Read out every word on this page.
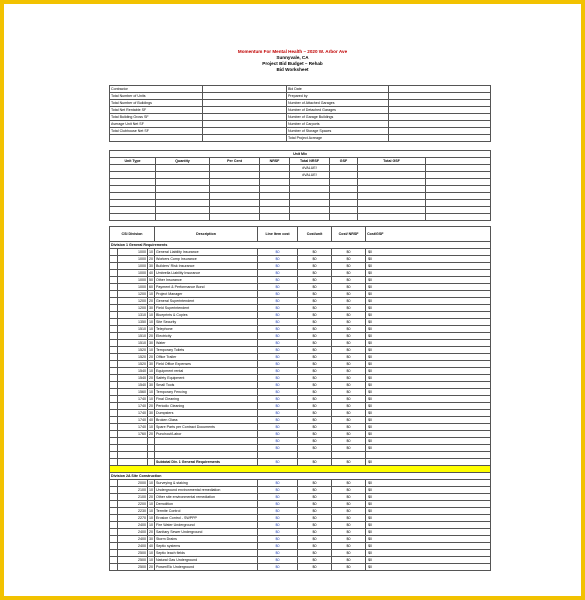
Momentum For Mental Health – 2020 W. Arbor Ave
Sunnyvale, CA
Project Bid Budget – Rehab
Bid Worksheet
Contractor		Bid Date	
Total Number of Units		Prepared by	
Total Number of Buildings		Number of Attached Garages	
Total Net Rentable SF		Number of Detached Garages	
Total Building Gross SF		Number of Garage Buildings	
Average Unit Net SF		Number of Carports	
Total Clubhouse Net SF		Number of Storage Spaces	
		Total Project Acreage	
Unit Mix							
Unit Type	Quantity	Per Cent	NRSF	Total NRSF	GSF	Total GSF	
				#VALUE!			
				#VALUE!			

CSI Division			Description	Line Item cost	Cost/unit	Cost/ NRSF	Cost/GSF
Division 1 General Requirements							
	1000	10	General Liability Insurance	$0	$0	$0	$0
	1000	20	Workers Comp Insurance	$0	$0	$0	$0
	1000	30	Builders' Risk Insurance	$0	$0	$0	$0
	1000	40	Umbrella Liability Insurance	$0	$0	$0	$0
	1000	50	Other Insurance	$0	$0	$0	$0
	1000	60	Payment & Performance Bond	$0	$0	$0	$0
	1200	10	Project Manager	$0	$0	$0	$0
	1200	20	General Superintendent	$0	$0	$0	$0
	1200	30	Field Superintendent	$0	$0	$0	$0
	1310	10	Blueprints & Copies	$0	$0	$0	$0
	1350	10	Site Security	$0	$0	$0	$0
	1510	10	Telephone	$0	$0	$0	$0
	1510	20	Electricity	$0	$0	$0	$0
	1510	30	Water	$0	$0	$0	$0
	1520	10	Temporary Toilets	$0	$0	$0	$0
	1520	20	Office Trailer	$0	$0	$0	$0
	1520	30	Field Office Expenses	$0	$0	$0	$0
	1540	10	Equipment rental	$0	$0	$0	$0
	1540	20	Safety Equipment	$0	$0	$0	$0
	1540	30	Small Tools	$0	$0	$0	$0
	1560	10	Temporary Fencing	$0	$0	$0	$0
	1740	10	Final Cleaning	$0	$0	$0	$0
	1740	20	Periodic Cleaning	$0	$0	$0	$0
	1740	30	Dumpsters	$0	$0	$0	$0
	1740	40	Broken Glass	$0	$0	$0	$0
	1740	10	Spare Parts per Contract Documents	$0	$0	$0	$0
	1760	20	Punchout/Labor	$0	$0	$0	$0
				$0	$0	$0	$0
				$0	$0	$0	$0

			Subtotal Div. 1 General Requirements	$0	$0	$0	$0

Division 2A Site Construction							
	2000	10	Surveying & staking	$0	$0	$0	$0
	2100	10	Underground environmental remediation	$0	$0	$0	$0
	2100	20	Other site environmental remediation	$0	$0	$0	$0
	2200	10	Demolition	$0	$0	$0	$0
	2230	10	Termite Control	$0	$0	$0	$0
	2270	10	Erosion Control - SWPPP	$0	$0	$0	$0
	2400	10	Fire Water Underground	$0	$0	$0	$0
	2400	20	Sanitary Sewer Underground	$0	$0	$0	$0
	2400	30	Storm Drains	$0	$0	$0	$0
	2400	40	Septic systems	$0	$0	$0	$0
	2500	10	Septic leach fields	$0	$0	$0	$0
	2500	10	Natural Gas Underground	$0	$0	$0	$0
	2500	20	Power/Elc Underground	$0	$0	$0	$0
